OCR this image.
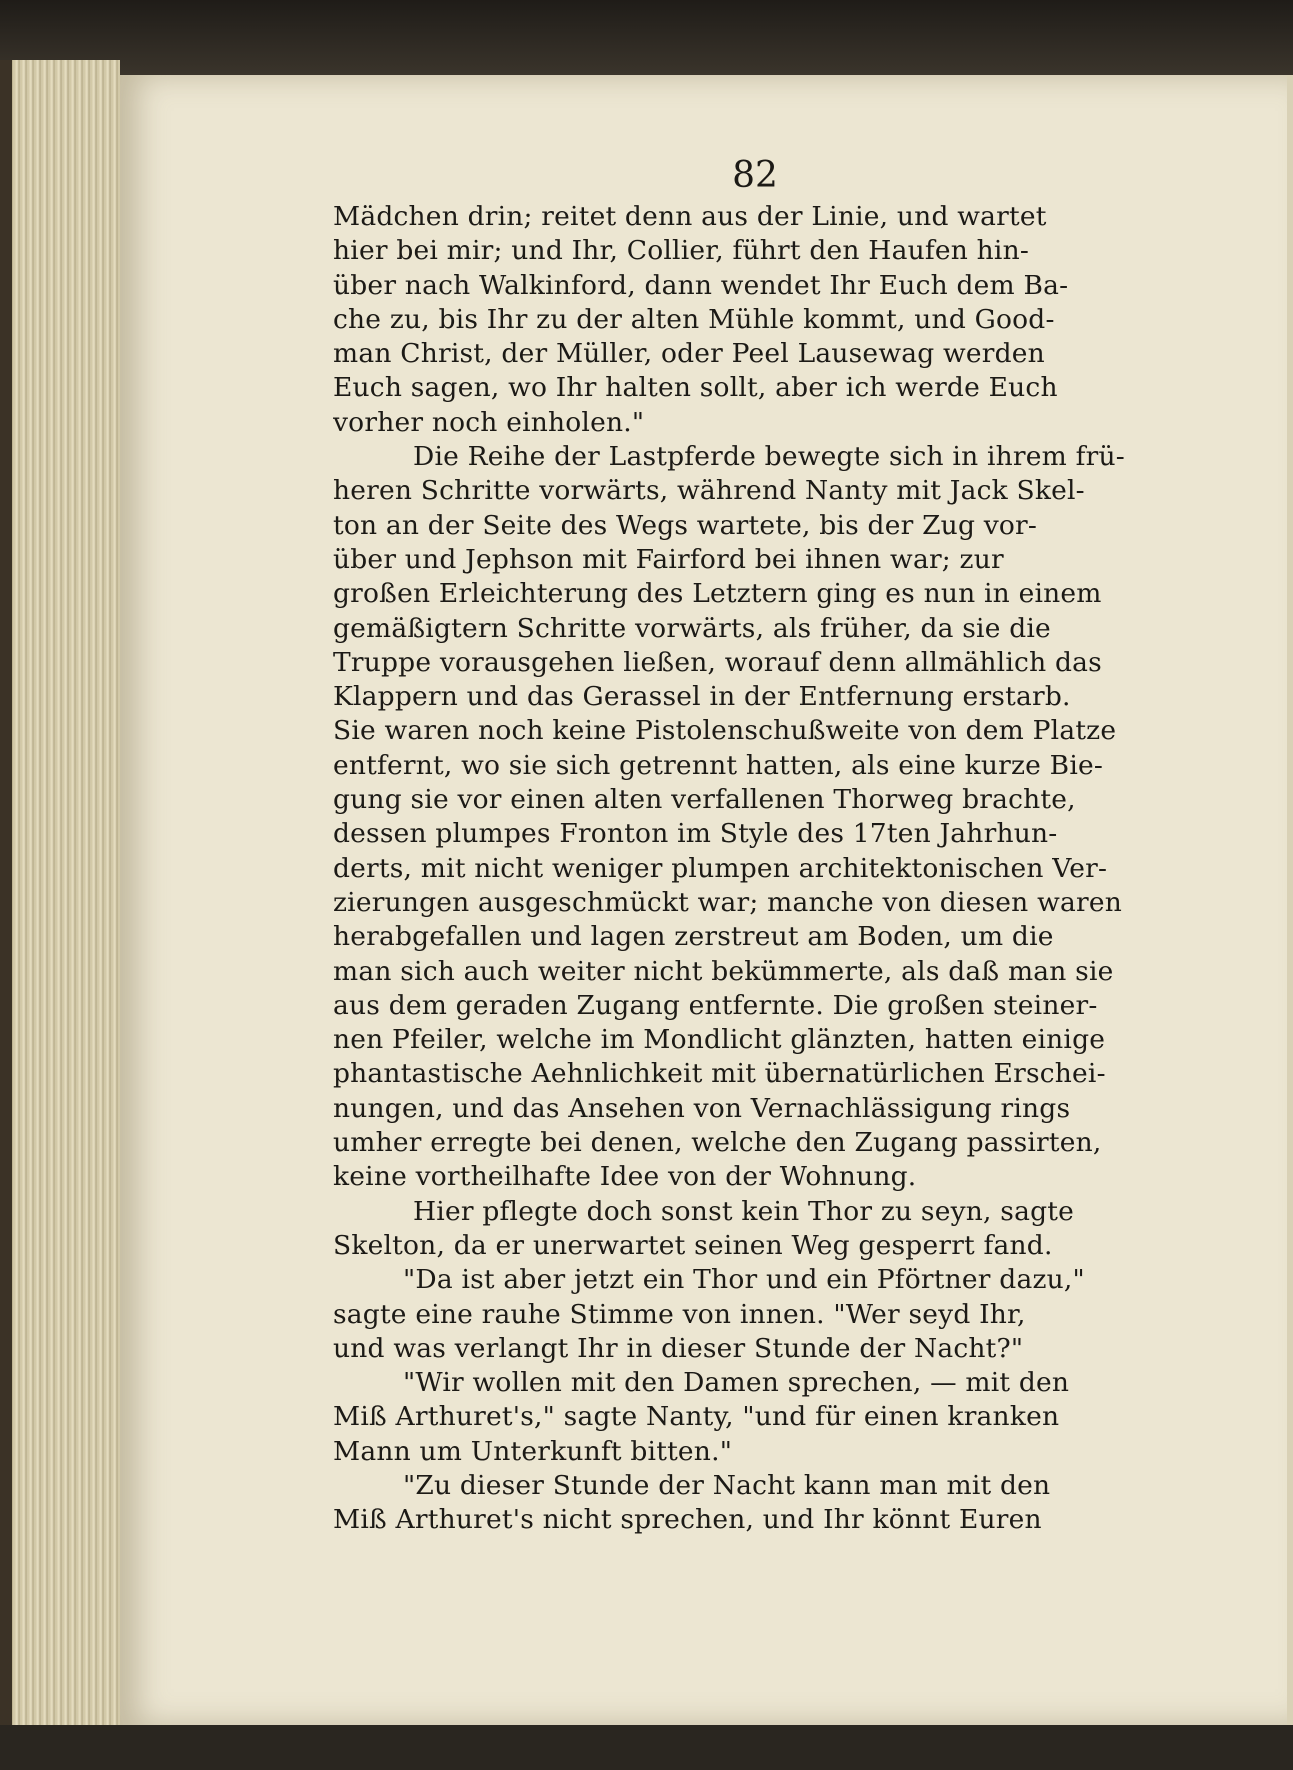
82
Mädchen drin; reitet denn aus der Linie, und wartet
hier bei mir; und Ihr, Collier, führt den Haufen hin-
über nach Walkinford, dann wendet Ihr Euch dem Ba-
che zu, bis Ihr zu der alten Mühle kommt, und Good-
man Christ, der Müller, oder Peel Lausewag werden
Euch sagen, wo Ihr halten sollt, aber ich werde Euch
vorher noch einholen."
Die Reihe der Lastpferde bewegte sich in ihrem frü-
heren Schritte vorwärts, während Nanty mit Jack Skel-
ton an der Seite des Wegs wartete, bis der Zug vor-
über und Jephson mit Fairford bei ihnen war; zur
großen Erleichterung des Letztern ging es nun in einem
gemäßigtern Schritte vorwärts, als früher, da sie die
Truppe vorausgehen ließen, worauf denn allmählich das
Klappern und das Gerassel in der Entfernung erstarb.
Sie waren noch keine Pistolenschußweite von dem Platze
entfernt, wo sie sich getrennt hatten, als eine kurze Bie-
gung sie vor einen alten verfallenen Thorweg brachte,
dessen plumpes Fronton im Style des 17ten Jahrhun-
derts, mit nicht weniger plumpen architektonischen Ver-
zierungen ausgeschmückt war; manche von diesen waren
herabgefallen und lagen zerstreut am Boden, um die
man sich auch weiter nicht bekümmerte, als daß man sie
aus dem geraden Zugang entfernte. Die großen steiner-
nen Pfeiler, welche im Mondlicht glänzten, hatten einige
phantastische Aehnlichkeit mit übernatürlichen Erschei-
nungen, und das Ansehen von Vernachlässigung rings
umher erregte bei denen, welche den Zugang passirten,
keine vortheilhafte Idee von der Wohnung.
Hier pflegte doch sonst kein Thor zu seyn, sagte
Skelton, da er unerwartet seinen Weg gesperrt fand.
"Da ist aber jetzt ein Thor und ein Pförtner dazu,"
sagte eine rauhe Stimme von innen. "Wer seyd Ihr,
und was verlangt Ihr in dieser Stunde der Nacht?"
"Wir wollen mit den Damen sprechen, — mit den
Miß Arthuret's," sagte Nanty, "und für einen kranken
Mann um Unterkunft bitten."
"Zu dieser Stunde der Nacht kann man mit den
Miß Arthuret's nicht sprechen, und Ihr könnt Euren
